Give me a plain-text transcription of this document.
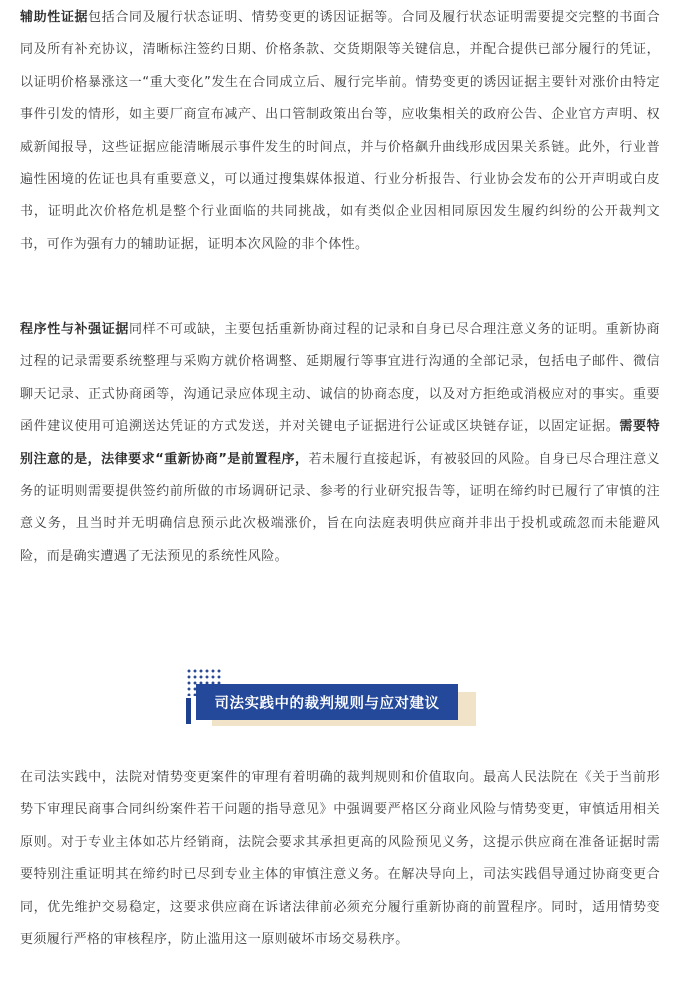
辅助性证据包括合同及履行状态证明、情势变更的诱因证据等。合同及履行状态证明需要提交完整的书面合同及所有补充协议，清晰标注签约日期、价格条款、交货期限等关键信息，并配合提供已部分履行的凭证，以证明价格暴涨这一“重大变化”发生在合同成立后、履行完毕前。情势变更的诱因证据主要针对涨价由特定事件引发的情形，如主要厂商宣布减产、出口管制政策出台等，应收集相关的政府公告、企业官方声明、权威新闻报导，这些证据应能清晰展示事件发生的时间点，并与价格飙升曲线形成因果关系链。此外，行业普遍性困境的佐证也具有重要意义，可以通过搜集媒体报道、行业分析报告、行业协会发布的公开声明或白皮书，证明此次价格危机是整个行业面临的共同挑战，如有类似企业因相同原因发生履约纠纷的公开裁判文书，可作为强有力的辅助证据，证明本次风险的非个体性。

程序性与补强证据同样不可或缺，主要包括重新协商过程的记录和自身已尽合理注意义务的证明。重新协商过程的记录需要系统整理与采购方就价格调整、延期履行等事宜进行沟通的全部记录，包括电子邮件、微信聊天记录、正式协商函等，沟通记录应体现主动、诚信的协商态度，以及对方拒绝或消极应对的事实。重要函件建议使用可追溯送达凭证的方式发送，并对关键电子证据进行公证或区块链存证，以固定证据。需要特别注意的是，法律要求“重新协商”是前置程序，若未履行直接起诉，有被驳回的风险。自身已尽合理注意义务的证明则需要提供签约前所做的市场调研记录、参考的行业研究报告等，证明在缔约时已履行了审慎的注意义务，且当时并无明确信息预示此次极端涨价，旨在向法庭表明供应商并非出于投机或疏忽而未能避风险，而是确实遭遇了无法预见的系统性风险。

司法实践中的裁判规则与应对建议

在司法实践中，法院对情势变更案件的审理有着明确的裁判规则和价值取向。最高人民法院在《关于当前形势下审理民商事合同纠纷案件若干问题的指导意见》中强调要严格区分商业风险与情势变更，审慎适用相关原则。对于专业主体如芯片经销商，法院会要求其承担更高的风险预见义务，这提示供应商在准备证据时需要特别注重证明其在缔约时已尽到专业主体的审慎注意义务。在解决导向上，司法实践倡导通过协商变更合同，优先维护交易稳定，这要求供应商在诉诸法律前必须充分履行重新协商的前置程序。同时，适用情势变更须履行严格的审核程序，防止滥用这一原则破坏市场交易秩序。
